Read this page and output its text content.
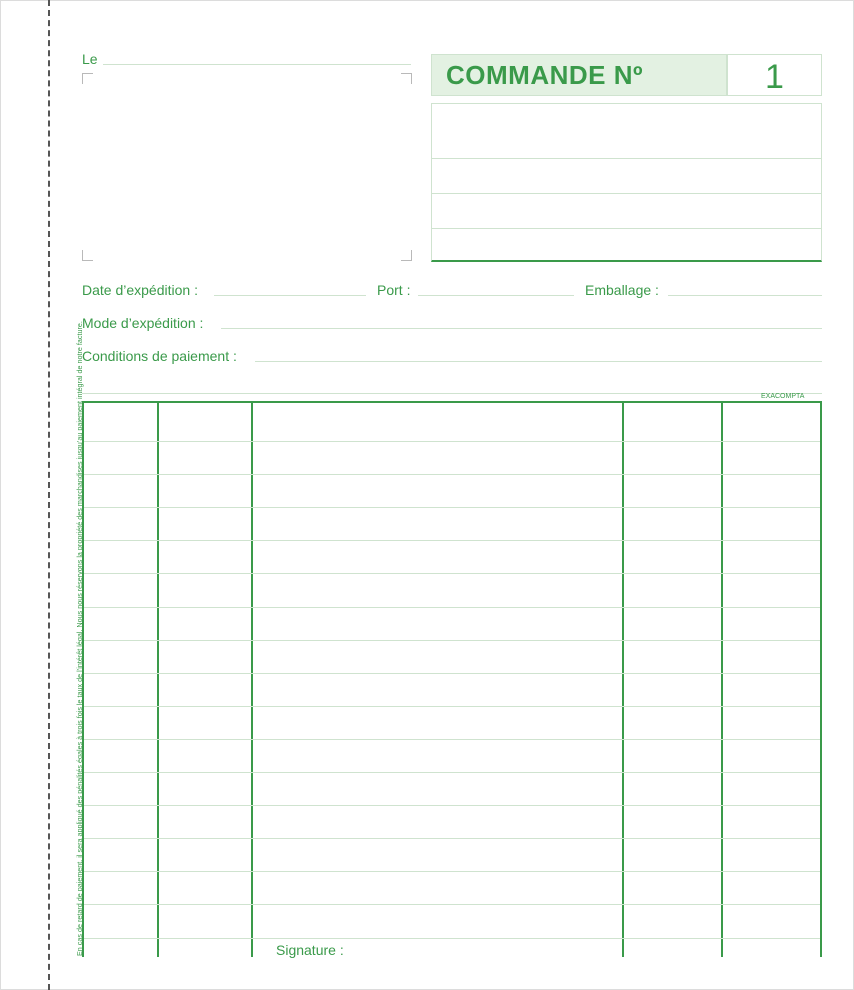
Le
COMMANDE Nº	1
Date d’expédition :	Port :	Emballage :
Mode d’expédition :
Conditions de paiement :
EXACOMPTA
Signature :
En cas de retard de paiement, il sera appliqué des pénalités égales à trois fois le taux de l’intérêt légal. Nous nous réservons la propriété des marchandises jusqu’au paiement intégral de notre facture.
